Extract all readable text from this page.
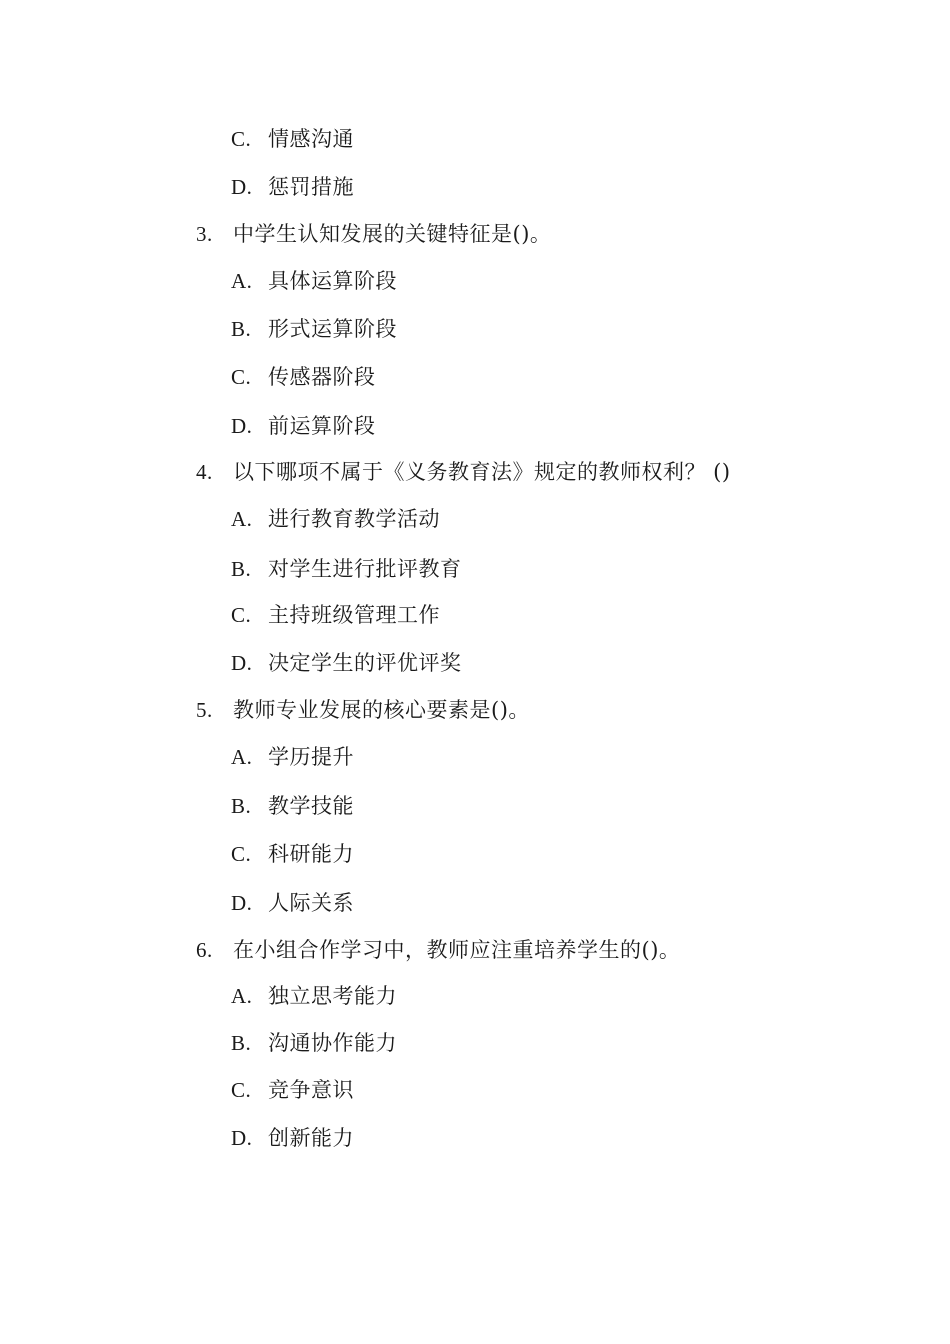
C. 情感沟通
D. 惩罚措施
3. 中学生认知发展的关键特征是()。
A. 具体运算阶段
B. 形式运算阶段
C. 传感器阶段
D. 前运算阶段
4. 以下哪项不属于《义务教育法》规定的教师权利？ ()
A. 进行教育教学活动
B. 对学生进行批评教育
C. 主持班级管理工作
D. 决定学生的评优评奖
5. 教师专业发展的核心要素是()。
A. 学历提升
B. 教学技能
C. 科研能力
D. 人际关系
6. 在小组合作学习中，教师应注重培养学生的()。
A. 独立思考能力
B. 沟通协作能力
C. 竞争意识
D. 创新能力
